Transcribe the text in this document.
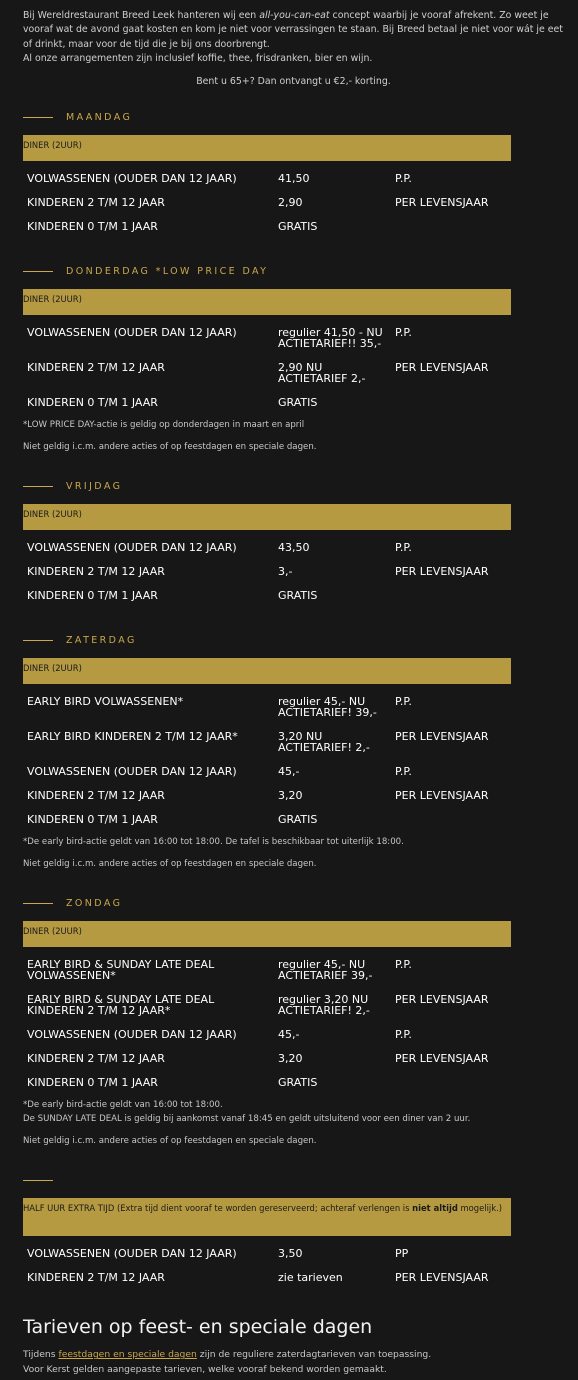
Bij Wereldrestaurant Breed Leek hanteren wij een all-you-can-eat concept waarbij je vooraf afrekent. Zo weet je vooraf wat de avond gaat kosten en kom je niet voor verrassingen te staan. Bij Breed betaal je niet voor wát je eet of drinkt, maar voor de tijd die je bij ons doorbrengt.

Al onze arrangementen zijn inclusief koffie, thee, frisdranken, bier en wijn.

Bent u 65+? Dan ontvangt u €2,- korting.
MAANDAG
DINER (2UUR)
VOLWASSENEN (OUDER DAN 12 JAAR)	41,50	P.P.
KINDEREN 2 T/M 12 JAAR	2,90	PER LEVENSJAAR
KINDEREN 0 T/M 1 JAAR	GRATIS	
DONDERDAG *LOW PRICE DAY
DINER (2UUR)
VOLWASSENEN (OUDER DAN 12 JAAR)	regulier 41,50 - NU ACTIETARIEF!! 35,-	P.P.
KINDEREN 2 T/M 12 JAAR	2,90 NU ACTIETARIEF 2,-	PER LEVENSJAAR
KINDEREN 0 T/M 1 JAAR	GRATIS	
*LOW PRICE DAY-actie is geldig op donderdagen in maart en april
Niet geldig i.c.m. andere acties of op feestdagen en speciale dagen.
VRIJDAG
DINER (2UUR)
VOLWASSENEN (OUDER DAN 12 JAAR)	43,50	P.P.
KINDEREN 2 T/M 12 JAAR	3,-	PER LEVENSJAAR
KINDEREN 0 T/M 1 JAAR	GRATIS	
ZATERDAG
DINER (2UUR)
EARLY BIRD VOLWASSENEN*	regulier 45,- NU ACTIETARIEF! 39,-	P.P.
EARLY BIRD KINDEREN 2 T/M 12 JAAR*	3,20 NU ACTIETARIEF! 2,-	PER LEVENSJAAR
VOLWASSENEN (OUDER DAN 12 JAAR)	45,-	P.P.
KINDEREN 2 T/M 12 JAAR	3,20	PER LEVENSJAAR
KINDEREN 0 T/M 1 JAAR	GRATIS	
*De early bird-actie geldt van 16:00 tot 18:00. De tafel is beschikbaar tot uiterlijk 18:00.
Niet geldig i.c.m. andere acties of op feestdagen en speciale dagen.
ZONDAG
DINER (2UUR)
EARLY BIRD & SUNDAY LATE DEAL VOLWASSENEN*	regulier 45,- NU ACTIETARIEF 39,-	P.P.
EARLY BIRD & SUNDAY LATE DEAL KINDEREN 2 T/M 12 JAAR*	regulier 3,20 NU ACTIETARIEF! 2,-	PER LEVENSJAAR
VOLWASSENEN (OUDER DAN 12 JAAR)	45,-	P.P.
KINDEREN 2 T/M 12 JAAR	3,20	PER LEVENSJAAR
KINDEREN 0 T/M 1 JAAR	GRATIS	
*De early bird-actie geldt van 16:00 tot 18:00.
De SUNDAY LATE DEAL is geldig bij aankomst vanaf 18:45 en geldt uitsluitend voor een diner van 2 uur.
Niet geldig i.c.m. andere acties of op feestdagen en speciale dagen.
HALF UUR EXTRA TIJD (Extra tijd dient vooraf te worden gereserveerd; achteraf verlengen is niet altijd mogelijk.)
VOLWASSENEN (OUDER DAN 12 JAAR)	3,50	PP
KINDEREN 2 T/M 12 JAAR	zie tarieven	PER LEVENSJAAR
Tarieven op feest- en speciale dagen
Tijdens feestdagen en speciale dagen zijn de reguliere zaterdagtarieven van toepassing.
Voor Kerst gelden aangepaste tarieven, welke vooraf bekend worden gemaakt.
